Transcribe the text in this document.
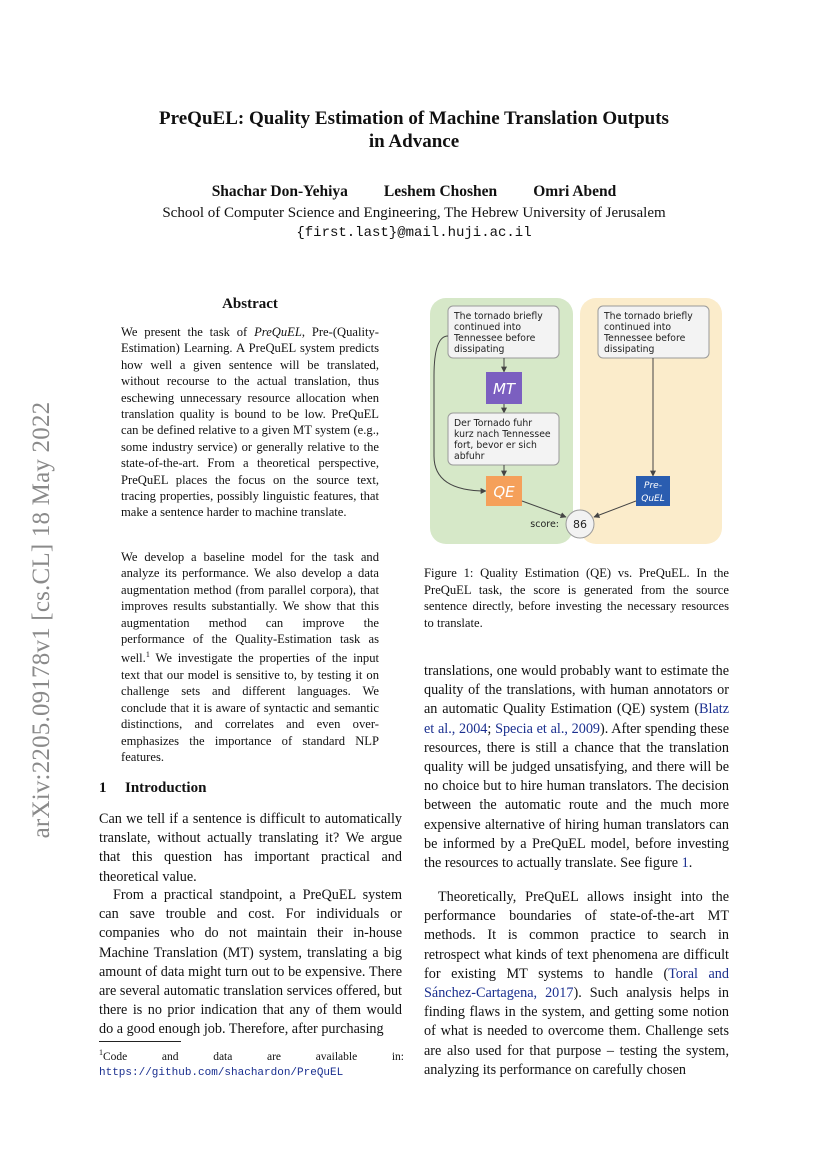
arXiv:2205.09178v1 [cs.CL] 18 May 2022
PreQuEL: Quality Estimation of Machine Translation Outputs
in Advance
Shachar Don-Yehiya Leshem Choshen Omri Abend
School of Computer Science and Engineering, The Hebrew University of Jerusalem
{first.last}@mail.huji.ac.il
Abstract

We present the task of PreQuEL, Pre-(Quality-Estimation) Learning. A PreQuEL system predicts how well a given sentence will be translated, without recourse to the actual translation, thus eschewing unnecessary resource allocation when translation quality is bound to be low. PreQuEL can be defined relative to a given MT system (e.g., some industry service) or generally relative to the state-of-the-art. From a theoretical perspective, PreQuEL places the focus on the source text, tracing properties, possibly linguistic features, that make a sentence harder to machine translate.

We develop a baseline model for the task and analyze its performance. We also develop a data augmentation method (from parallel corpora), that improves results substantially. We show that this augmentation method can improve the performance of the Quality-Estimation task as well.$^1$ We investigate the properties of the input text that our model is sensitive to, by testing it on challenge sets and different languages. We conclude that it is aware of syntactic and semantic distinctions, and correlates and even over-emphasizes the importance of standard NLP features.

1 Introduction

Can we tell if a sentence is difficult to automatically translate, without actually translating it? We argue that this question has important practical and theoretical value.

From a practical standpoint, a PreQuEL system can save trouble and cost. For individuals or companies who do not maintain their in-house Machine Translation (MT) system, translating a big amount of data might turn out to be expensive. There are several automatic translation services offered, but there is no prior indication that any of them would do a good enough job. Therefore, after purchasing

$^1$Code and data are available in: https://github.com/shachardon/PreQuEL
The tornado briefly
continued into
Tennessee before
dissipating
The tornado briefly
continued into
Tennessee before
dissipating
MT
Der Tornado fuhr
kurz nach Tennessee
fort, bevor er sich
abfuhr
QE	Pre-
QuEL
score: 86
Figure 1: Quality Estimation (QE) vs. PreQuEL. In the PreQuEL task, the score is generated from the source sentence directly, before investing the necessary resources to translate.

translations, one would probably want to estimate the quality of the translations, with human annotators or an automatic Quality Estimation (QE) system (Blatz et al., 2004; Specia et al., 2009). After spending these resources, there is still a chance that the translation quality will be judged unsatisfying, and there will be no choice but to hire human translators. The decision between the automatic route and the much more expensive alternative of hiring human translators can be informed by a PreQuEL model, before investing the resources to actually translate. See figure 1.

Theoretically, PreQuEL allows insight into the performance boundaries of state-of-the-art MT methods. It is common practice to search in retrospect what kinds of text phenomena are difficult for existing MT systems to handle (Toral and Sánchez-Cartagena, 2017). Such analysis helps in finding flaws in the system, and getting some notion of what is needed to overcome them. Challenge sets are also used for that purpose – testing the system, analyzing its performance on carefully chosen
